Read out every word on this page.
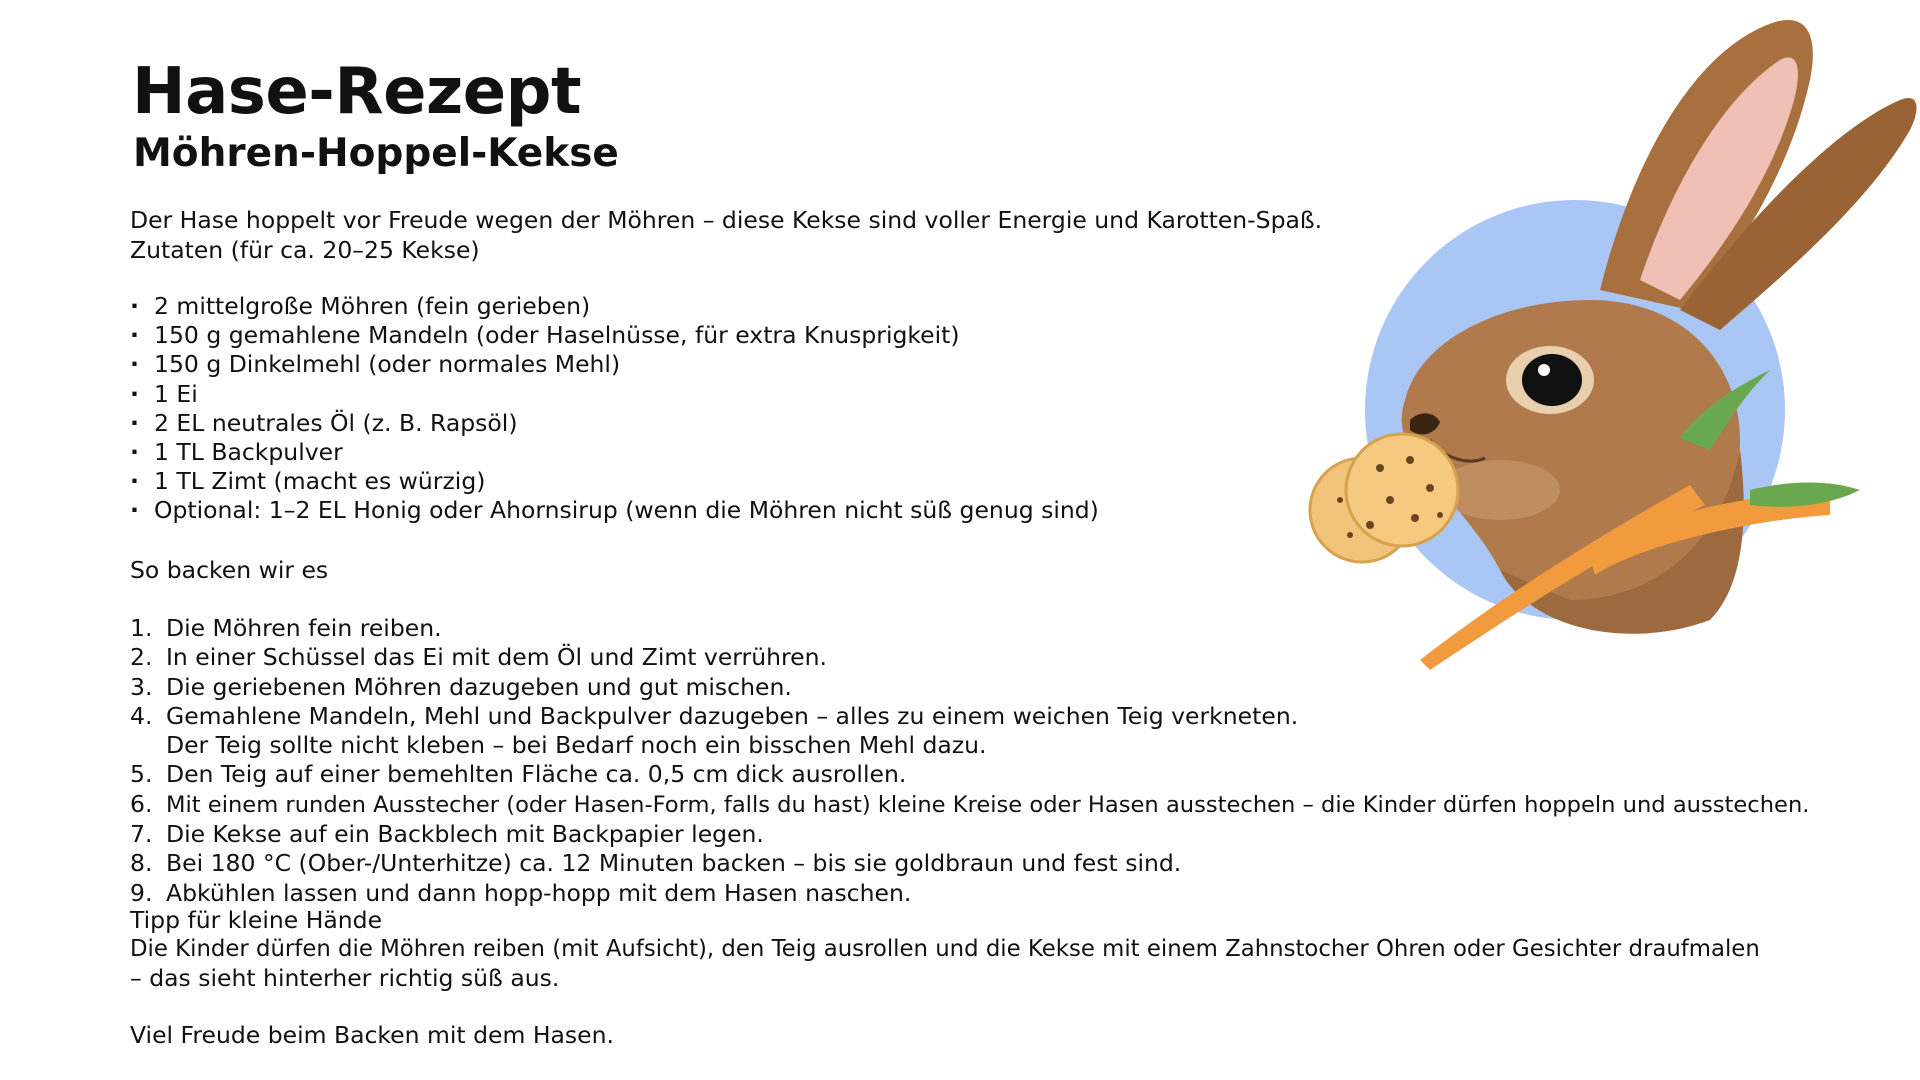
Hase-Rezept
Möhren-Hoppel-Kekse

Der Hase hoppelt vor Freude wegen der Möhren – diese Kekse sind voller Energie und Karotten-Spaß.

Zutaten (für ca. 20–25 Kekse)

· 2 mittelgroße Möhren (fein gerieben)
· 150 g gemahlene Mandeln (oder Haselnüsse, für extra Knusprigkeit)
· 150 g Dinkelmehl (oder normales Mehl)
· 1 Ei
· 2 EL neutrales Öl (z. B. Rapsöl)
· 1 TL Backpulver
· 1 TL Zimt (macht es würzig)
· Optional: 1–2 EL Honig oder Ahornsirup (wenn die Möhren nicht süß genug sind)

So backen wir es

1. Die Möhren fein reiben.
2. In einer Schüssel das Ei mit dem Öl und Zimt verrühren.
3. Die geriebenen Möhren dazugeben und gut mischen.
4. Gemahlene Mandeln, Mehl und Backpulver dazugeben – alles zu einem weichen Teig verkneten.
Der Teig sollte nicht kleben – bei Bedarf noch ein bisschen Mehl dazu.
5. Den Teig auf einer bemehlten Fläche ca. 0,5 cm dick ausrollen.
6. Mit einem runden Ausstecher (oder Hasen-Form, falls du hast) kleine Kreise oder Hasen ausstechen – die Kinder dürfen hoppeln und ausstechen.
7. Die Kekse auf ein Backblech mit Backpapier legen.
8. Bei 180 °C (Ober-/Unterhitze) ca. 12 Minuten backen – bis sie goldbraun und fest sind.
9. Abkühlen lassen und dann hopp-hopp mit dem Hasen naschen.

Tipp für kleine Hände

Die Kinder dürfen die Möhren reiben (mit Aufsicht), den Teig ausrollen und die Kekse mit einem Zahnstocher Ohren oder Gesichter draufmalen

– das sieht hinterher richtig süß aus.

Viel Freude beim Backen mit dem Hasen.
